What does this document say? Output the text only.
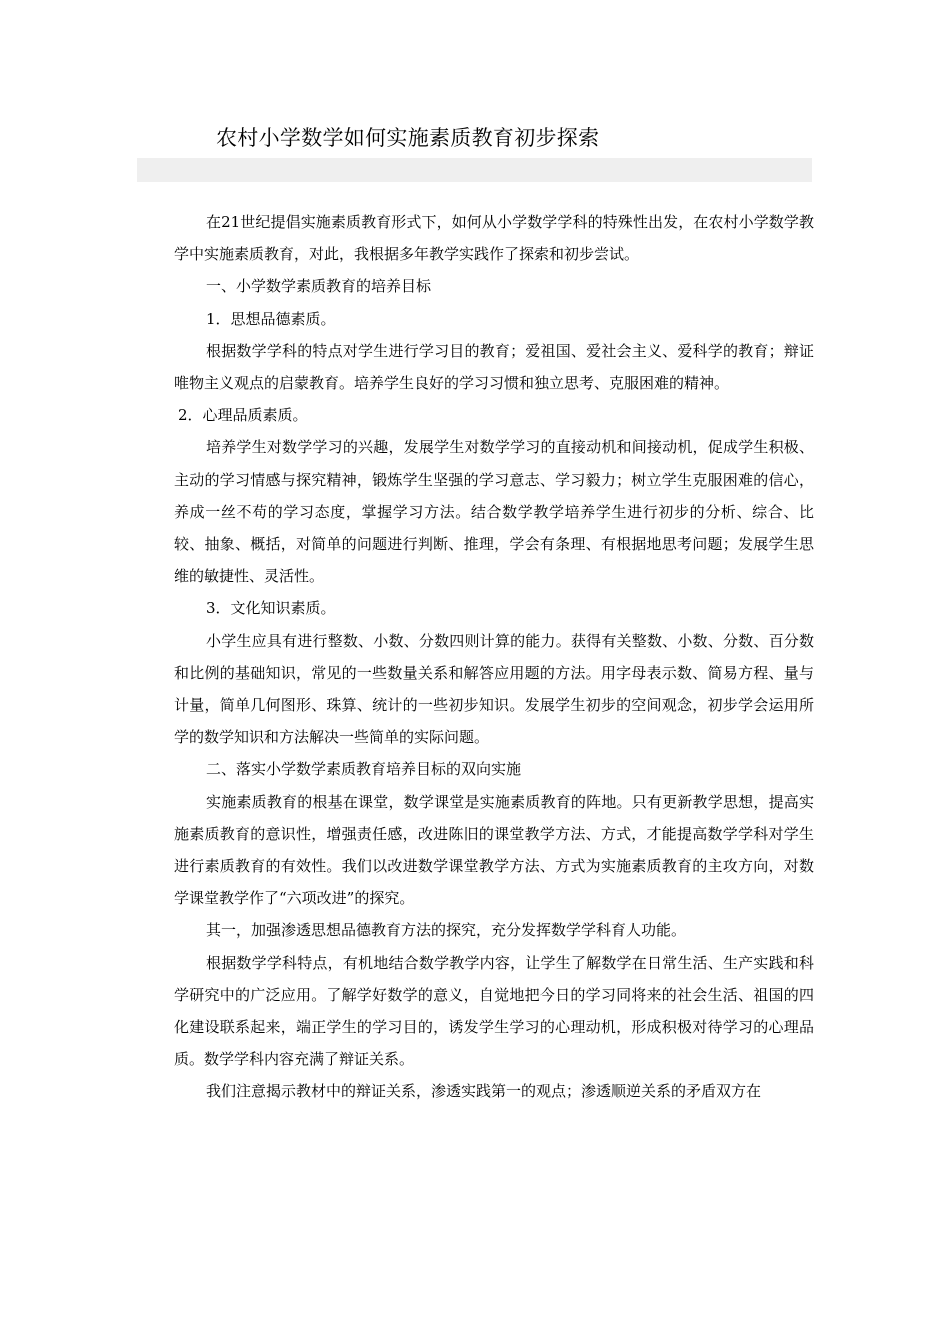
农村小学数学如何实施素质教育初步探索

在21世纪提倡实施素质教育形式下，如何从小学数学学科的特殊性出发，在农村小学数学教学中实施素质教育，对此，我根据多年教学实践作了探索和初步尝试。

一、小学数学素质教育的培养目标

1．思想品德素质。

根据数学学科的特点对学生进行学习目的教育；爱祖国、爱社会主义、爱科学的教育；辩证唯物主义观点的启蒙教育。培养学生良好的学习习惯和独立思考、克服困难的精神。

2．心理品质素质。

培养学生对数学学习的兴趣，发展学生对数学学习的直接动机和间接动机，促成学生积极、主动的学习情感与探究精神，锻炼学生坚强的学习意志、学习毅力；树立学生克服困难的信心，养成一丝不苟的学习态度，掌握学习方法。结合数学教学培养学生进行初步的分析、综合、比较、抽象、概括，对简单的问题进行判断、推理，学会有条理、有根据地思考问题；发展学生思维的敏捷性、灵活性。

3．文化知识素质。

小学生应具有进行整数、小数、分数四则计算的能力。获得有关整数、小数、分数、百分数和比例的基础知识，常见的一些数量关系和解答应用题的方法。用字母表示数、简易方程、量与计量，简单几何图形、珠算、统计的一些初步知识。发展学生初步的空间观念，初步学会运用所学的数学知识和方法解决一些简单的实际问题。

二、落实小学数学素质教育培养目标的双向实施

实施素质教育的根基在课堂，数学课堂是实施素质教育的阵地。只有更新教学思想，提高实施素质教育的意识性，增强责任感，改进陈旧的课堂教学方法、方式，才能提高数学学科对学生进行素质教育的有效性。我们以改进数学课堂教学方法、方式为实施素质教育的主攻方向，对数学课堂教学作了“六项改进”的探究。

其一，加强渗透思想品德教育方法的探究，充分发挥数学学科育人功能。

根据数学学科特点，有机地结合数学教学内容，让学生了解数学在日常生活、生产实践和科学研究中的广泛应用。了解学好数学的意义，自觉地把今日的学习同将来的社会生活、祖国的四化建设联系起来，端正学生的学习目的，诱发学生学习的心理动机，形成积极对待学习的心理品质。数学学科内容充满了辩证关系。

我们注意揭示教材中的辩证关系，渗透实践第一的观点；渗透顺逆关系的矛盾双方在
